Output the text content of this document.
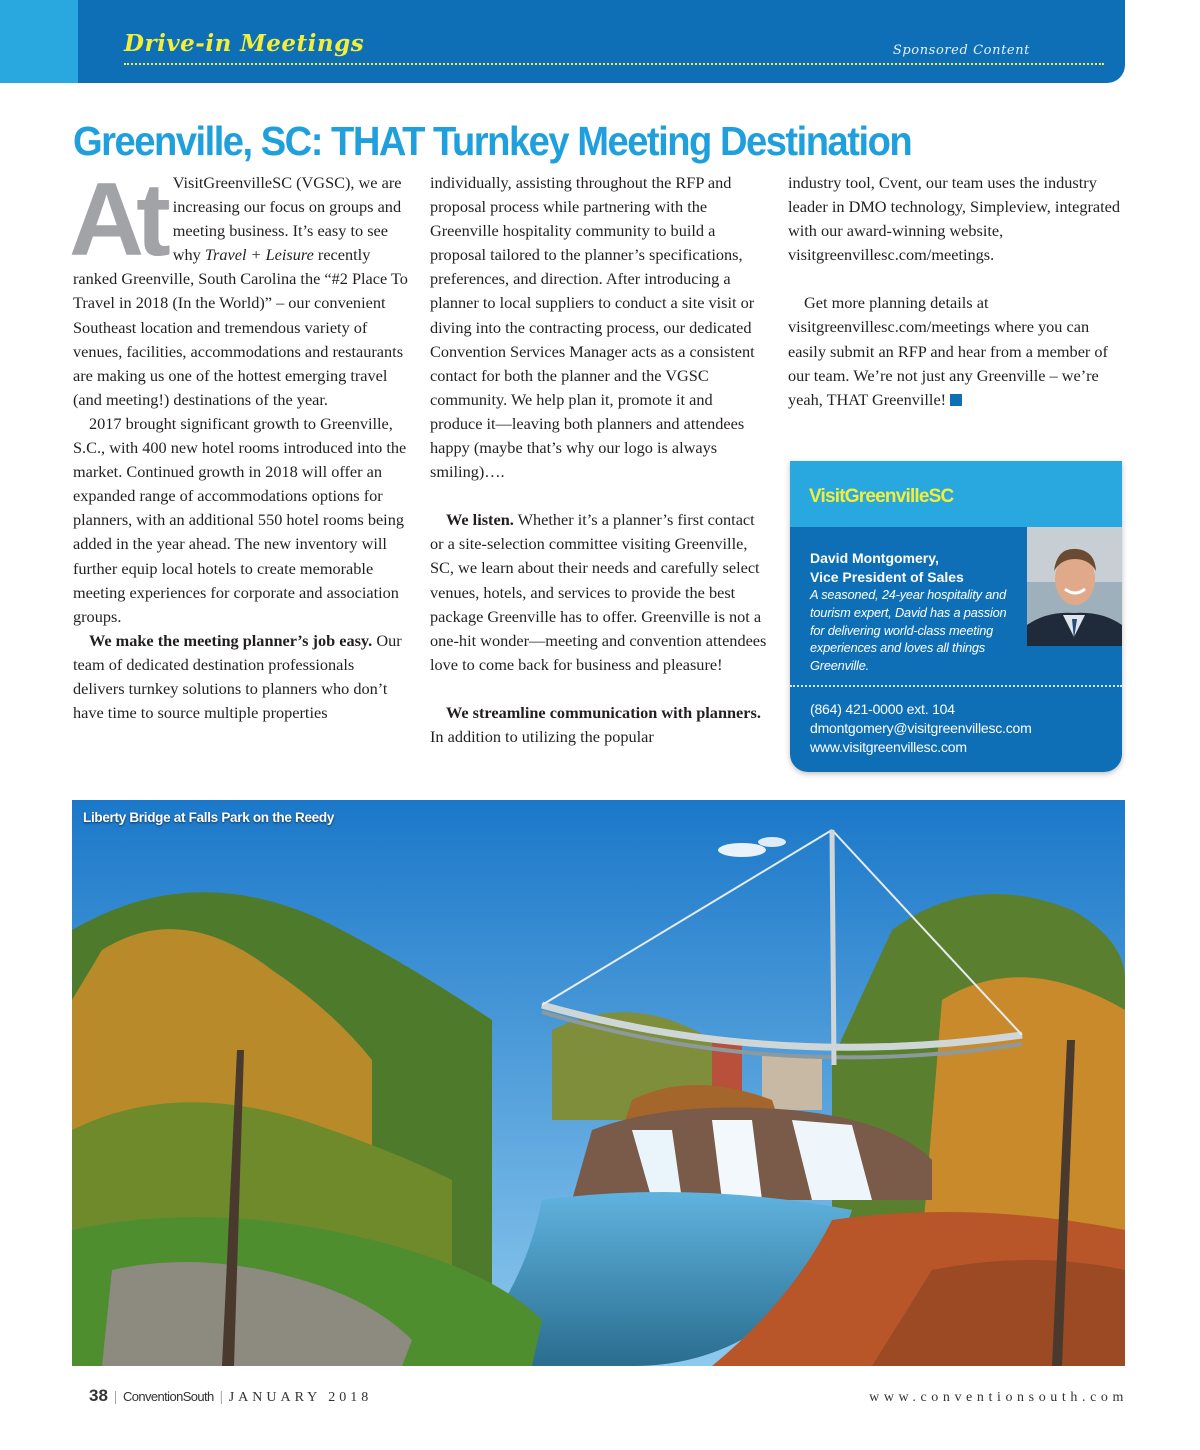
Drive-in Meetings	Sponsored Content
Greenville, SC: THAT Turnkey Meeting Destination
At VisitGreenvilleSC (VGSC), we are increasing our focus on groups and meeting business. It’s easy to see why Travel + Leisure recently ranked Greenville, South Carolina the “#2 Place To Travel in 2018 (In the World)” – our convenient Southeast location and tremendous variety of venues, facilities, accommodations and restaurants are making us one of the hottest emerging travel (and meeting!) destinations of the year.

2017 brought significant growth to Greenville, S.C., with 400 new hotel rooms introduced into the market. Continued growth in 2018 will offer an expanded range of accommodations options for planners, with an additional 550 hotel rooms being added in the year ahead. The new inventory will further equip local hotels to create memorable meeting experiences for corporate and association groups.

We make the meeting planner’s job easy. Our team of dedicated destination professionals delivers turnkey solutions to planners who don’t have time to source multiple properties

individually, assisting throughout the RFP and proposal process while partnering with the Greenville hospitality community to build a proposal tailored to the planner’s specifications, preferences, and direction. After introducing a planner to local suppliers to conduct a site visit or diving into the contracting process, our dedicated Convention Services Manager acts as a consistent contact for both the planner and the VGSC community. We help plan it, promote it and produce it—leaving both planners and attendees happy (maybe that’s why our logo is always smiling)….

We listen. Whether it’s a planner’s first contact or a site-selection committee visiting Greenville, SC, we learn about their needs and carefully select venues, hotels, and services to provide the best package Greenville has to offer. Greenville is not a one-hit wonder—meeting and convention attendees love to come back for business and pleasure!

We streamline communication with planners. In addition to utilizing the popular

industry tool, Cvent, our team uses the industry leader in DMO technology, Simpleview, integrated with our award-winning website, visitgreenvillesc.com/meetings.

Get more planning details at visitgreenvillesc.com/meetings where you can easily submit an RFP and hear from a member of our team. We’re not just any Greenville – we’re yeah, THAT Greenville!

VisitGreenvilleSC
David Montgomery,
Vice President of Sales
A seasoned, 24-year hospitality and tourism expert, David has a passion for delivering world-class meeting experiences and loves all things Greenville.
(864) 421-0000 ext. 104
dmontgomery@visitgreenvillesc.com
www.visitgreenvillesc.com
Liberty Bridge at Falls Park on the Reedy
38 | ConventionSouth | JANUARY 2018	www.conventionsouth.com
